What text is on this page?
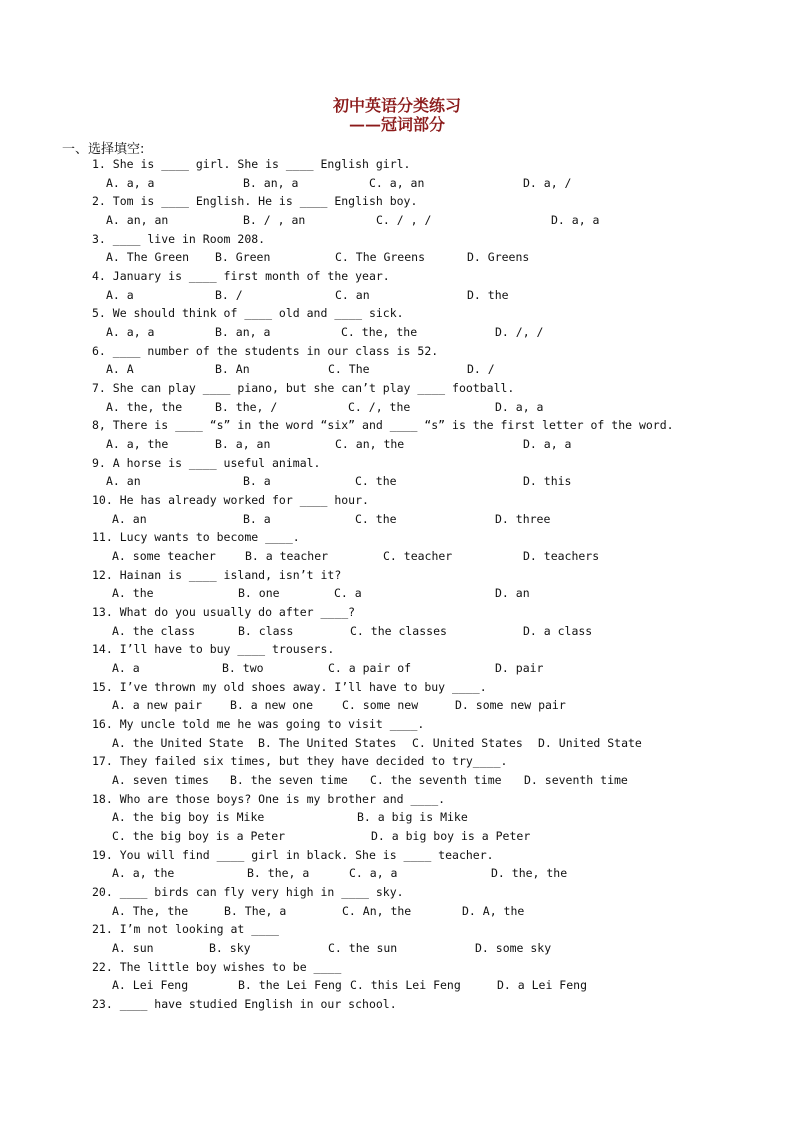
初中英语分类练习
——冠词部分
一、选择填空:
1. She is ____ girl. She is ____ English girl.
A. a, a	B. an, a	C. a, an	D. a, /
2. Tom is ____ English. He is ____ English boy.
A. an, an	B. / , an	C. / , /	D. a, a
3. ____ live in Room 208.
A. The Green B. Green	C. The Greens	D. Greens
4. January is ____ first month of the year.
A. a	B. /	C. an	D. the
5. We should think of ____ old and ____ sick.
A. a, a	B. an, a	C. the, the	D. /, /
6. ____ number of the students in our class is 52.
A. A	B. An	C. The	D. /
7. She can play ____ piano, but she can’t play ____ football.
A. the, the	B. the, /	C. /, the	D. a, a
8, There is ____ “s” in the word “six” and ____ “s” is the first letter of the word.
A. a, the	B. a, an	C. an, the	D. a, a
9. A horse is ____ useful animal.
A. an	B. a	C. the	D. this
10. He has already worked for ____ hour.
A. an	B. a	C. the	D. three
11. Lucy wants to become ____.
A. some teacher	B. a teacher	C. teacher	D. teachers
12. Hainan is ____ island, isn’t it?
A. the	B. one	C. a	D. an
13. What do you usually do after ____?
A. the class	B. class	C. the classes	D. a class
14. I’ll have to buy ____ trousers.
A. a	B. two	C. a pair of	D. pair
15. I’ve thrown my old shoes away. I’ll have to buy ____.
A. a new pair B. a new one	C. some new	D. some new pair
16. My uncle told me he was going to visit ____.
A. the United State B. The United States C. United States D. United State
17. They failed six times, but they have decided to try____.
A. seven times B. the seven time C. the seventh time D. seventh time
18. Who are those boys? One is my brother and ____.
A. the big boy is Mike	B. a big is Mike
C. the big boy is a Peter	D. a big boy is a Peter
19. You will find ____ girl in black. She is ____ teacher.
A. a, the	B. the, a	C. a, a	D. the, the
20. ____ birds can fly very high in ____ sky.
A. The, the	B. The, a	C. An, the	D. A, the
21. I’m not looking at ____
A. sun	B. sky	C. the sun	D. some sky
22. The little boy wishes to be ____
A. Lei Feng	B. the Lei Feng C. this Lei Feng	D. a Lei Feng
23. ____ have studied English in our school.
